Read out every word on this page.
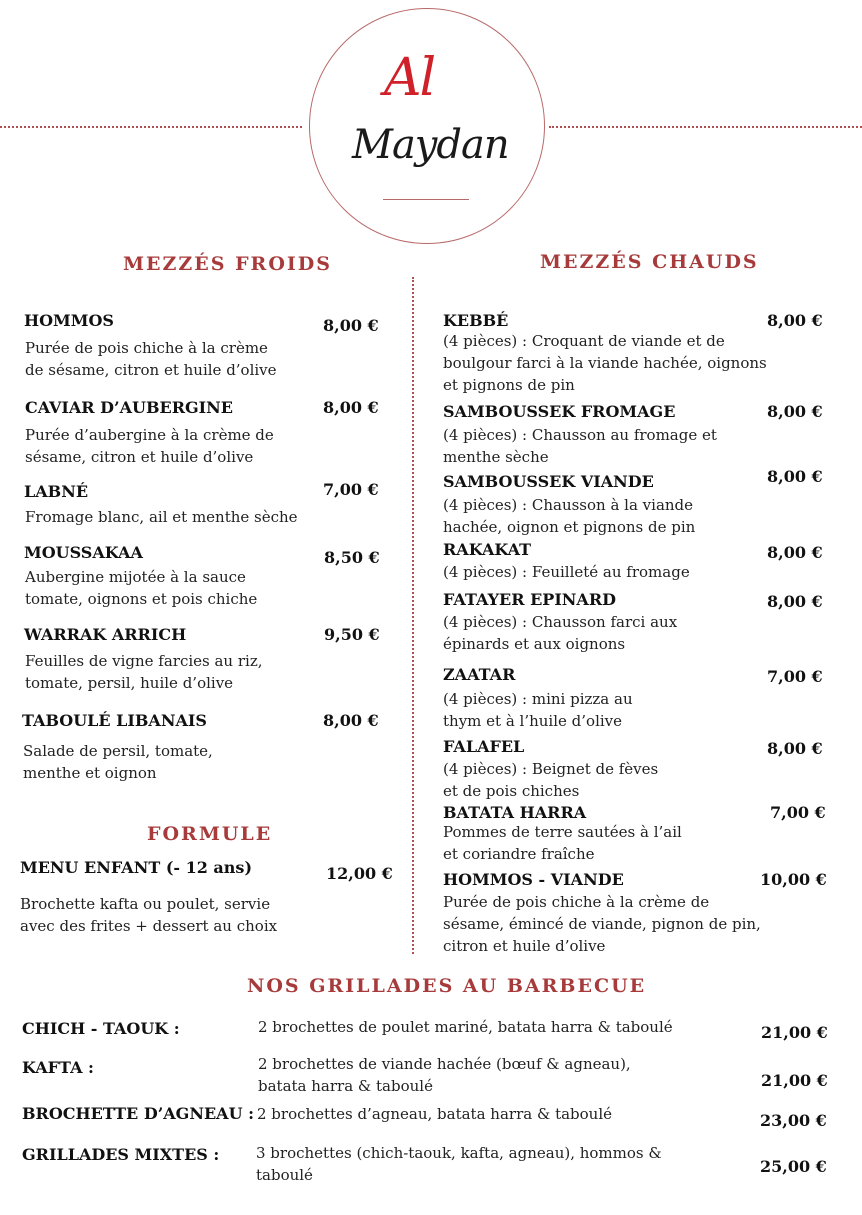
Al
Maydan
MEZZÉS FROIDS
HOMMOS	8,00 €
Purée de pois chiche à la crème de sésame, citron et huile d’olive
CAVIAR D’AUBERGINE	8,00 €
Purée d’aubergine à la crème de sésame, citron et huile d’olive
LABNÉ	7,00 €
Fromage blanc, ail et menthe sèche
MOUSSAKAA	8,50 €
Aubergine mijotée à la sauce tomate, oignons et pois chiche
WARRAK ARRICH	9,50 €
Feuilles de vigne farcies au riz, tomate, persil, huile d’olive
TABOULÉ LIBANAIS	8,00 €
Salade de persil, tomate, menthe et oignon
FORMULE
MENU ENFANT (- 12 ans)	12,00 €
Brochette kafta ou poulet, servie avec des frites + dessert au choix
MEZZÉS CHAUDS
KEBBÉ	8,00 €
(4 pièces) : Croquant de viande et de boulgour farci à la viande hachée, oignons et pignons de pin
SAMBOUSSEK FROMAGE	8,00 €
(4 pièces) : Chausson au fromage et menthe sèche
SAMBOUSSEK VIANDE	8,00 €
(4 pièces) : Chausson à la viande hachée, oignon et pignons de pin
RAKAKAT	8,00 €
(4 pièces) : Feuilleté au fromage
FATAYER EPINARD	8,00 €
(4 pièces) : Chausson farci aux épinards et aux oignons
ZAATAR	7,00 €
(4 pièces) : mini pizza au thym et à l’huile d’olive
FALAFEL	8,00 €
(4 pièces) : Beignet de fèves et de pois chiches
BATATA HARRA	7,00 €
Pommes de terre sautées à l’ail et coriandre fraîche
HOMMOS - VIANDE	10,00 €
Purée de pois chiche à la crème de sésame, émincé de viande, pignon de pin, citron et huile d’olive
NOS GRILLADES AU BARBECUE
CHICH - TAOUK :	2 brochettes de poulet mariné, batata harra & taboulé	21,00 €
KAFTA :	2 brochettes de viande hachée (bœuf & agneau), batata harra & taboulé	21,00 €
BROCHETTE D’AGNEAU : 2 brochettes d’agneau, batata harra & taboulé	23,00 €
GRILLADES MIXTES : 3 brochettes (chich-taouk, kafta, agneau), hommos & taboulé	25,00 €
